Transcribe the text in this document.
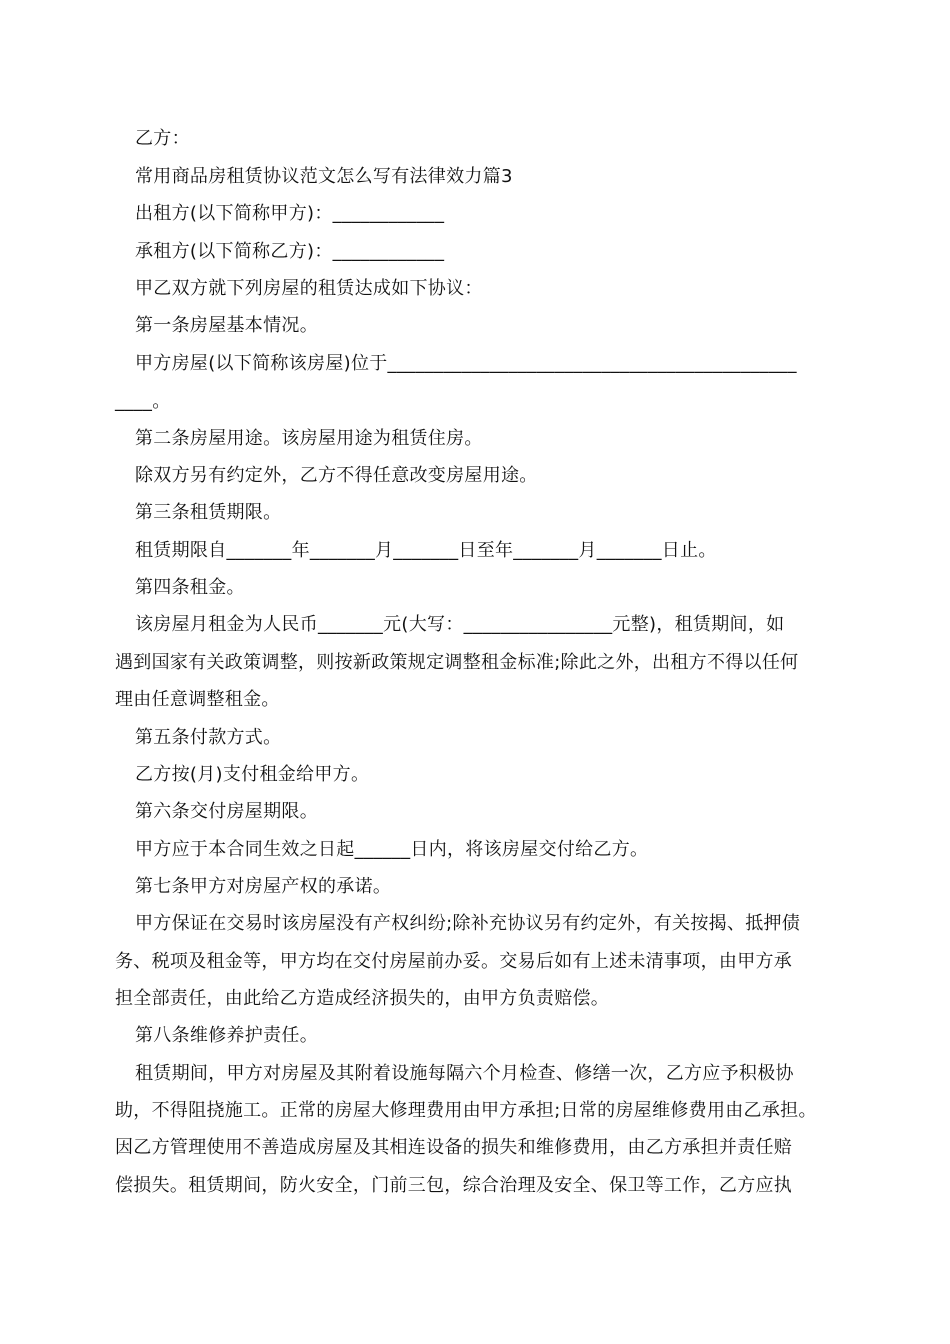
乙方：
常用商品房租赁协议范文怎么写有法律效力篇3
出租方(以下简称甲方)：____________
承租方(以下简称乙方)：____________
甲乙双方就下列房屋的租赁达成如下协议：
第一条房屋基本情况。
甲方房屋(以下简称该房屋)位于____________________________________________
____。
第二条房屋用途。该房屋用途为租赁住房。
除双方另有约定外，乙方不得任意改变房屋用途。
第三条租赁期限。
租赁期限自_______年_______月_______日至年_______月_______日止。
第四条租金。
该房屋月租金为人民币_______元(大写：________________元整)，租赁期间，如
遇到国家有关政策调整，则按新政策规定调整租金标准;除此之外，出租方不得以任何
理由任意调整租金。
第五条付款方式。
乙方按(月)支付租金给甲方。
第六条交付房屋期限。
甲方应于本合同生效之日起______日内，将该房屋交付给乙方。
第七条甲方对房屋产权的承诺。
甲方保证在交易时该房屋没有产权纠纷;除补充协议另有约定外，有关按揭、抵押债
务、税项及租金等，甲方均在交付房屋前办妥。交易后如有上述未清事项，由甲方承
担全部责任，由此给乙方造成经济损失的，由甲方负责赔偿。
第八条维修养护责任。
租赁期间，甲方对房屋及其附着设施每隔六个月检查、修缮一次，乙方应予积极协
助，不得阻挠施工。正常的房屋大修理费用由甲方承担;日常的房屋维修费用由乙承担。
因乙方管理使用不善造成房屋及其相连设备的损失和维修费用，由乙方承担并责任赔
偿损失。租赁期间，防火安全，门前三包，综合治理及安全、保卫等工作，乙方应执
